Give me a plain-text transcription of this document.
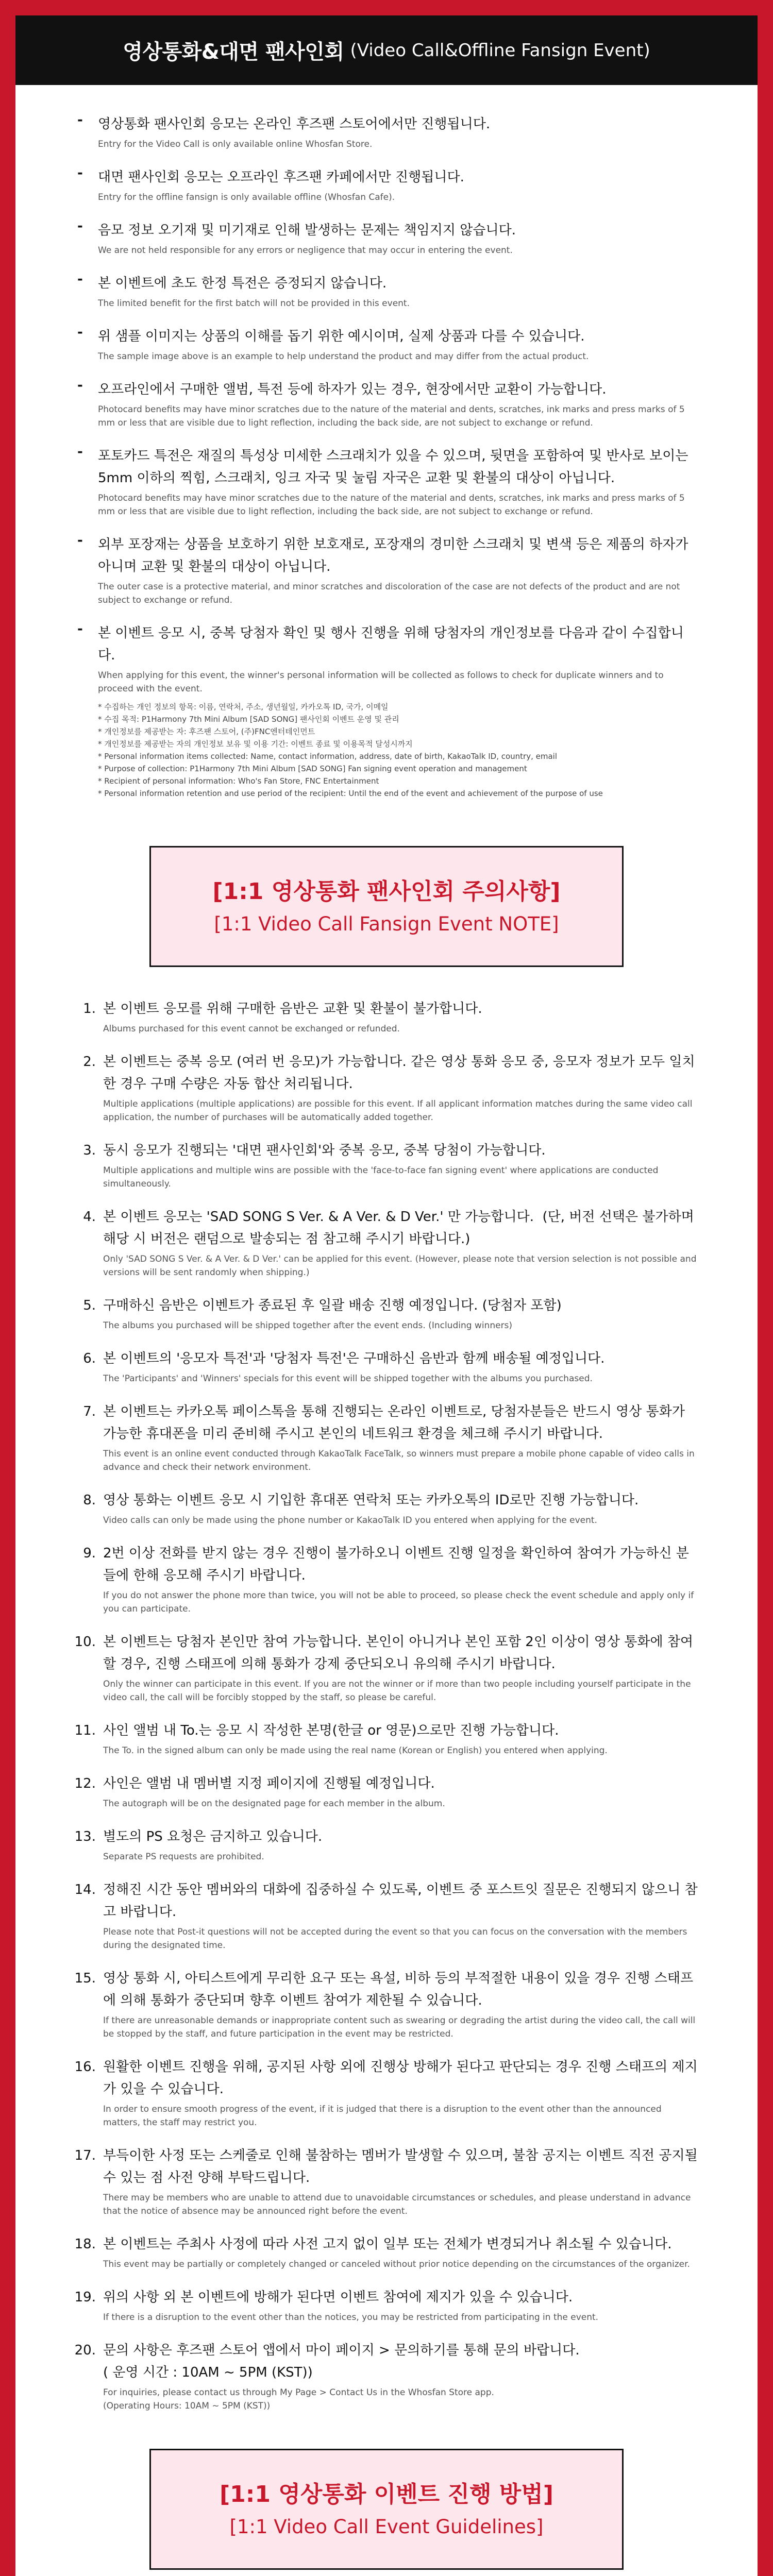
영상통화&대면 팬사인회 (Video Call&Offline Fansign Event)
- 영상통화 팬사인회 응모는 온라인 후즈팬 스토어에서만 진행됩니다.
Entry for the Video Call is only available online Whosfan Store.
- 대면 팬사인회 응모는 오프라인 후즈팬 카페에서만 진행됩니다.
Entry for the offline fansign is only available offline (Whosfan Cafe).
- 음모 정보 오기재 및 미기재로 인해 발생하는 문제는 책임지지 않습니다.
We are not held responsible for any errors or negligence that may occur in entering the event.
- 본 이벤트에 초도 한정 특전은 증정되지 않습니다.
The limited benefit for the first batch will not be provided in this event.
- 위 샘플 이미지는 상품의 이해를 돕기 위한 예시이며, 실제 상품과 다를 수 있습니다.
The sample image above is an example to help understand the product and may differ from the actual product.
- 오프라인에서 구매한 앨범, 특전 등에 하자가 있는 경우, 현장에서만 교환이 가능합니다.
Photocard benefits may have minor scratches due to the nature of the material and dents, scratches, ink marks and press marks of 5 mm or less that are visible due to light reflection, including the back side, are not subject to exchange or refund.
- 포토카드 특전은 재질의 특성상 미세한 스크래치가 있을 수 있으며, 뒷면을 포함하여 및 반사로 보이는 5mm 이하의 찍힘, 스크래치, 잉크 자국 및 눌림 자국은 교환 및 환불의 대상이 아닙니다.
Photocard benefits may have minor scratches due to the nature of the material and dents, scratches, ink marks and press marks of 5 mm or less that are visible due to light reflection, including the back side, are not subject to exchange or refund.
- 외부 포장재는 상품을 보호하기 위한 보호재로, 포장재의 경미한 스크래치 및 변색 등은 제품의 하자가 아니며 교환 및 환불의 대상이 아닙니다.
The outer case is a protective material, and minor scratches and discoloration of the case are not defects of the product and are not subject to exchange or refund.
- 본 이벤트 응모 시, 중복 당첨자 확인 및 행사 진행을 위해 당첨자의 개인정보를 다음과 같이 수집합니다.
When applying for this event, the winner's personal information will be collected as follows to check for duplicate winners and to proceed with the event.
* 수집하는 개인 정보의 항목: 이름, 연락처, 주소, 생년월일, 카카오톡 ID, 국가, 이메일
* 수집 목적: P1Harmony 7th Mini Album [SAD SONG] 팬사인회 이벤트 운영 및 관리
* 개인정보를 제공받는 자: 후즈팬 스토어, (주)FNC엔터테인먼트
* 개인정보를 제공받는 자의 개인정보 보유 및 이용 기간: 이벤트 종료 및 이용목적 달성시까지
* Personal information items collected: Name, contact information, address, date of birth, KakaoTalk ID, country, email
* Purpose of collection: P1Harmony 7th Mini Album [SAD SONG] Fan signing event operation and management
* Recipient of personal information: Who's Fan Store, FNC Entertainment
* Personal information retention and use period of the recipient: Until the end of the event and achievement of the purpose of use
[1:1 영상통화 팬사인회 주의사항]
[1:1 Video Call Fansign Event NOTE]
1. 본 이벤트 응모를 위해 구매한 음반은 교환 및 환불이 불가합니다.
Albums purchased for this event cannot be exchanged or refunded.
2. 본 이벤트는 중복 응모 (여러 번 응모)가 가능합니다. 같은 영상 통화 응모 중, 응모자 정보가 모두 일치한 경우 구매 수량은 자동 합산 처리됩니다.
Multiple applications (multiple applications) are possible for this event. If all applicant information matches during the same video call application, the number of purchases will be automatically added together.
3. 동시 응모가 진행되는 '대면 팬사인회'와 중복 응모, 중복 당첨이 가능합니다.
Multiple applications and multiple wins are possible with the 'face-to-face fan signing event' where applications are conducted simultaneously.
4. 본 이벤트 응모는 'SAD SONG S Ver. & A Ver. & D Ver.' 만 가능합니다.  (단, 버전 선택은 불가하며 해당 시 버전은 랜덤으로 발송되는 점 참고해 주시기 바랍니다.)
Only 'SAD SONG S Ver. & A Ver. & D Ver.' can be applied for this event. (However, please note that version selection is not possible and versions will be sent randomly when shipping.)
5. 구매하신 음반은 이벤트가 종료된 후 일괄 배송 진행 예정입니다. (당첨자 포함)
The albums you purchased will be shipped together after the event ends. (Including winners)
6. 본 이벤트의 '응모자 특전'과 '당첨자 특전'은 구매하신 음반과 함께 배송될 예정입니다.
The 'Participants' and 'Winners' specials for this event will be shipped together with the albums you purchased.
7. 본 이벤트는 카카오톡 페이스톡을 통해 진행되는 온라인 이벤트로, 당첨자분들은 반드시 영상 통화가 가능한 휴대폰을 미리 준비해 주시고 본인의 네트워크 환경을 체크해 주시기 바랍니다.
This event is an online event conducted through KakaoTalk FaceTalk, so winners must prepare a mobile phone capable of video calls in advance and check their network environment.
8. 영상 통화는 이벤트 응모 시 기입한 휴대폰 연락처 또는 카카오톡의 ID로만 진행 가능합니다.
Video calls can only be made using the phone number or KakaoTalk ID you entered when applying for the event.
9. 2번 이상 전화를 받지 않는 경우 진행이 불가하오니 이벤트 진행 일정을 확인하여 참여가 가능하신 분들에 한해 응모해 주시기 바랍니다.
If you do not answer the phone more than twice, you will not be able to proceed, so please check the event schedule and apply only if you can participate.
10. 본 이벤트는 당첨자 본인만 참여 가능합니다. 본인이 아니거나 본인 포함 2인 이상이 영상 통화에 참여할 경우, 진행 스태프에 의해 통화가 강제 중단되오니 유의해 주시기 바랍니다.
Only the winner can participate in this event. If you are not the winner or if more than two people including yourself participate in the video call, the call will be forcibly stopped by the staff, so please be careful.
11. 사인 앨범 내 To.는 응모 시 작성한 본명(한글 or 영문)으로만 진행 가능합니다.
The To. in the signed album can only be made using the real name (Korean or English) you entered when applying.
12. 사인은 앨범 내 멤버별 지정 페이지에 진행될 예정입니다.
The autograph will be on the designated page for each member in the album.
13. 별도의 PS 요청은 금지하고 있습니다.
Separate PS requests are prohibited.
14. 정해진 시간 동안 멤버와의 대화에 집중하실 수 있도록, 이벤트 중 포스트잇 질문은 진행되지 않으니 참고 바랍니다.
Please note that Post-it questions will not be accepted during the event so that you can focus on the conversation with the members during the designated time.
15. 영상 통화 시, 아티스트에게 무리한 요구 또는 욕설, 비하 등의 부적절한 내용이 있을 경우 진행 스태프에 의해 통화가 중단되며 향후 이벤트 참여가 제한될 수 있습니다.
If there are unreasonable demands or inappropriate content such as swearing or degrading the artist during the video call, the call will be stopped by the staff, and future participation in the event may be restricted.
16. 원활한 이벤트 진행을 위해, 공지된 사항 외에 진행상 방해가 된다고 판단되는 경우 진행 스태프의 제지가 있을 수 있습니다.
In order to ensure smooth progress of the event, if it is judged that there is a disruption to the event other than the announced matters, the staff may restrict you.
17. 부득이한 사정 또는 스케줄로 인해 불참하는 멤버가 발생할 수 있으며, 불참 공지는 이벤트 직전 공지될 수 있는 점 사전 양해 부탁드립니다.
There may be members who are unable to attend due to unavoidable circumstances or schedules, and please understand in advance that the notice of absence may be announced right before the event.
18. 본 이벤트는 주최사 사정에 따라 사전 고지 없이 일부 또는 전체가 변경되거나 취소될 수 있습니다.
This event may be partially or completely changed or canceled without prior notice depending on the circumstances of the organizer.
19. 위의 사항 외 본 이벤트에 방해가 된다면 이벤트 참여에 제지가 있을 수 있습니다.
If there is a disruption to the event other than the notices, you may be restricted from participating in the event.
20. 문의 사항은 후즈팬 스토어 앱에서 마이 페이지 > 문의하기를 통해 문의 바랍니다.
( 운영 시간 : 10AM ~ 5PM (KST))
For inquiries, please contact us through My Page > Contact Us in the Whosfan Store app.
(Operating Hours: 10AM ~ 5PM (KST))
[1:1 영상통화 이벤트 진행 방법]
[1:1 Video Call Event Guidelines]
